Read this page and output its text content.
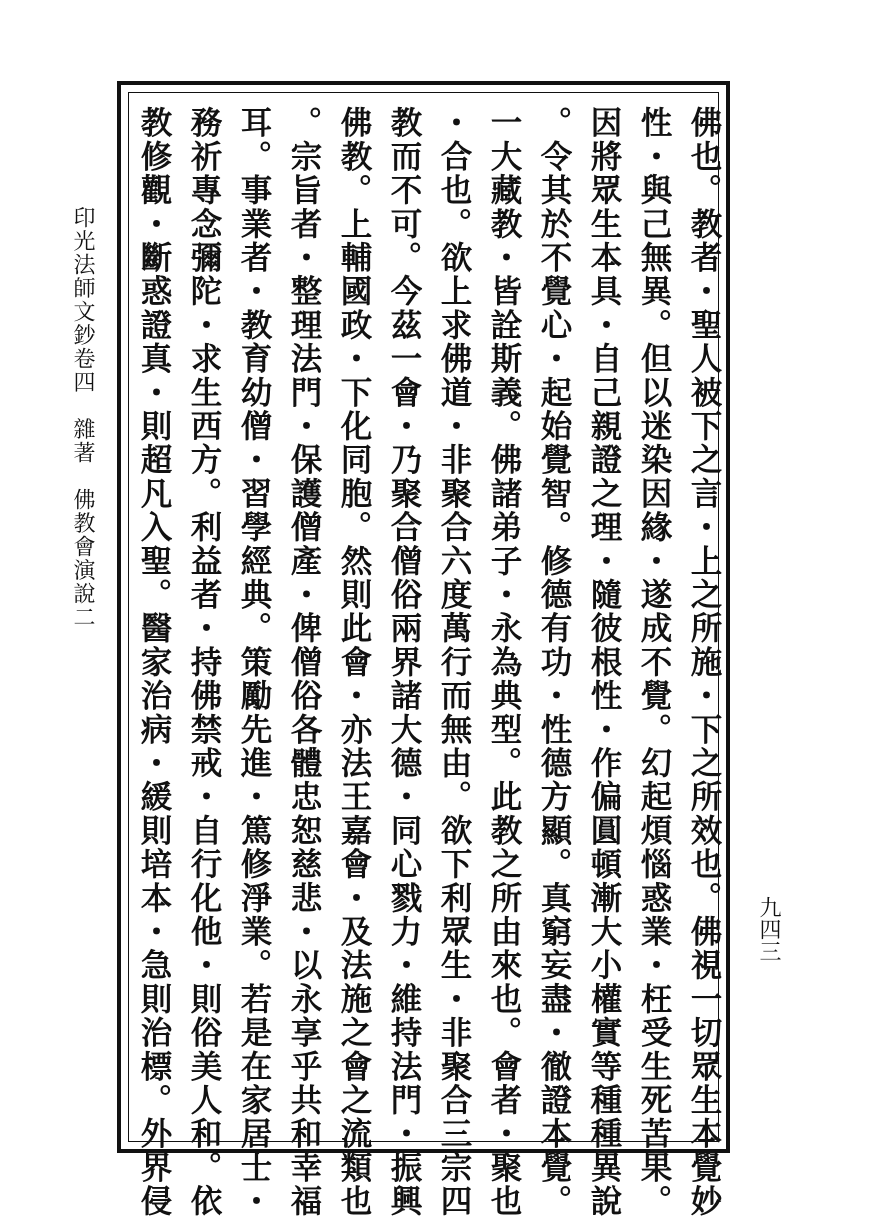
印光法師文鈔卷四　雜著　佛教會演說二
九四三
佛也。教者・聖人被下之言・上之所施・下之所效也。佛視一切眾生本覺妙
性・與己無異。但以迷染因緣・遂成不覺。幻起煩惱惑業・枉受生死苦果。
因將眾生本具・自己親證之理・隨彼根性・作偏圓頓漸大小權實等種種異說
。令其於不覺心・起始覺智。修德有功・性德方顯。真窮妄盡・徹證本覺。
一大藏教・皆詮斯義。佛諸弟子・永為典型。此教之所由來也。會者・聚也
・合也。欲上求佛道・非聚合六度萬行而無由。欲下利眾生・非聚合三宗四
教而不可。今茲一會・乃聚合僧俗兩界諸大德・同心戮力・維持法門・振興
佛教。上輔國政・下化同胞。然則此會・亦法王嘉會・及法施之會之流類也
。宗旨者・整理法門・保護僧產・俾僧俗各體忠恕慈悲・以永享乎共和幸福
耳。事業者・教育幼僧・習學經典。策勵先進・篤修淨業。若是在家居士・
務祈專念彌陀・求生西方。利益者・持佛禁戒・自行化他・則俗美人和。依
教修觀・斷惑證真・則超凡入聖。醫家治病・緩則培本・急則治標。外界侵
